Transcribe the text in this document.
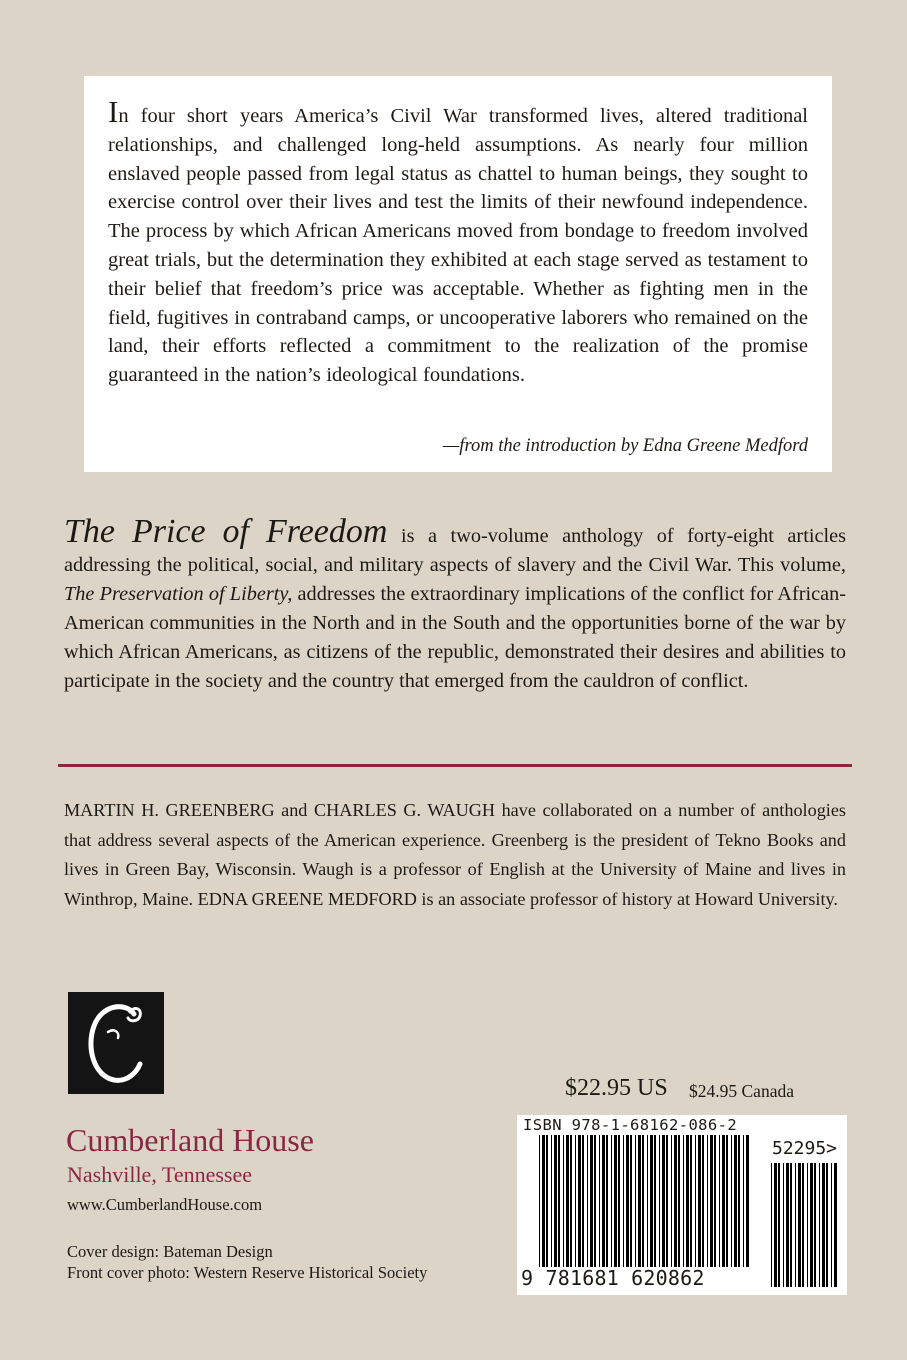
In four short years America’s Civil War transformed lives, altered traditional relationships, and challenged long-held assumptions. As nearly four million enslaved people passed from legal status as chattel to human beings, they sought to exercise control over their lives and test the limits of their newfound independence. The process by which African Americans moved from bondage to freedom involved great trials, but the determination they exhibited at each stage served as testament to their belief that freedom’s price was acceptable. Whether as fighting men in the field, fugitives in contraband camps, or uncooperative laborers who remained on the land, their efforts reflected a commitment to the realization of the promise guaranteed in the nation’s ideological foundations.
—from the introduction by Edna Greene Medford
The Price of Freedom is a two-volume anthology of forty-eight articles addressing the political, social, and military aspects of slavery and the Civil War. This volume, The Preservation of Liberty, addresses the extraordinary implications of the conflict for African-American communities in the North and in the South and the opportunities borne of the war by which African Americans, as citizens of the republic, demonstrated their desires and abilities to participate in the society and the country that emerged from the cauldron of conflict.
MARTIN H. GREENBERG and CHARLES G. WAUGH have collaborated on a number of anthologies that address several aspects of the American experience. Greenberg is the president of Tekno Books and lives in Green Bay, Wisconsin. Waugh is a professor of English at the University of Maine and lives in Winthrop, Maine. EDNA GREENE MEDFORD is an associate professor of history at Howard University.
Cumberland House
Nashville, Tennessee
www.CumberlandHouse.com
Cover design: Bateman Design
Front cover photo: Western Reserve Historical Society
$22.95 US $24.95 Canada
ISBN 978-1-68162-086-2
52295>
9 781681 620862
